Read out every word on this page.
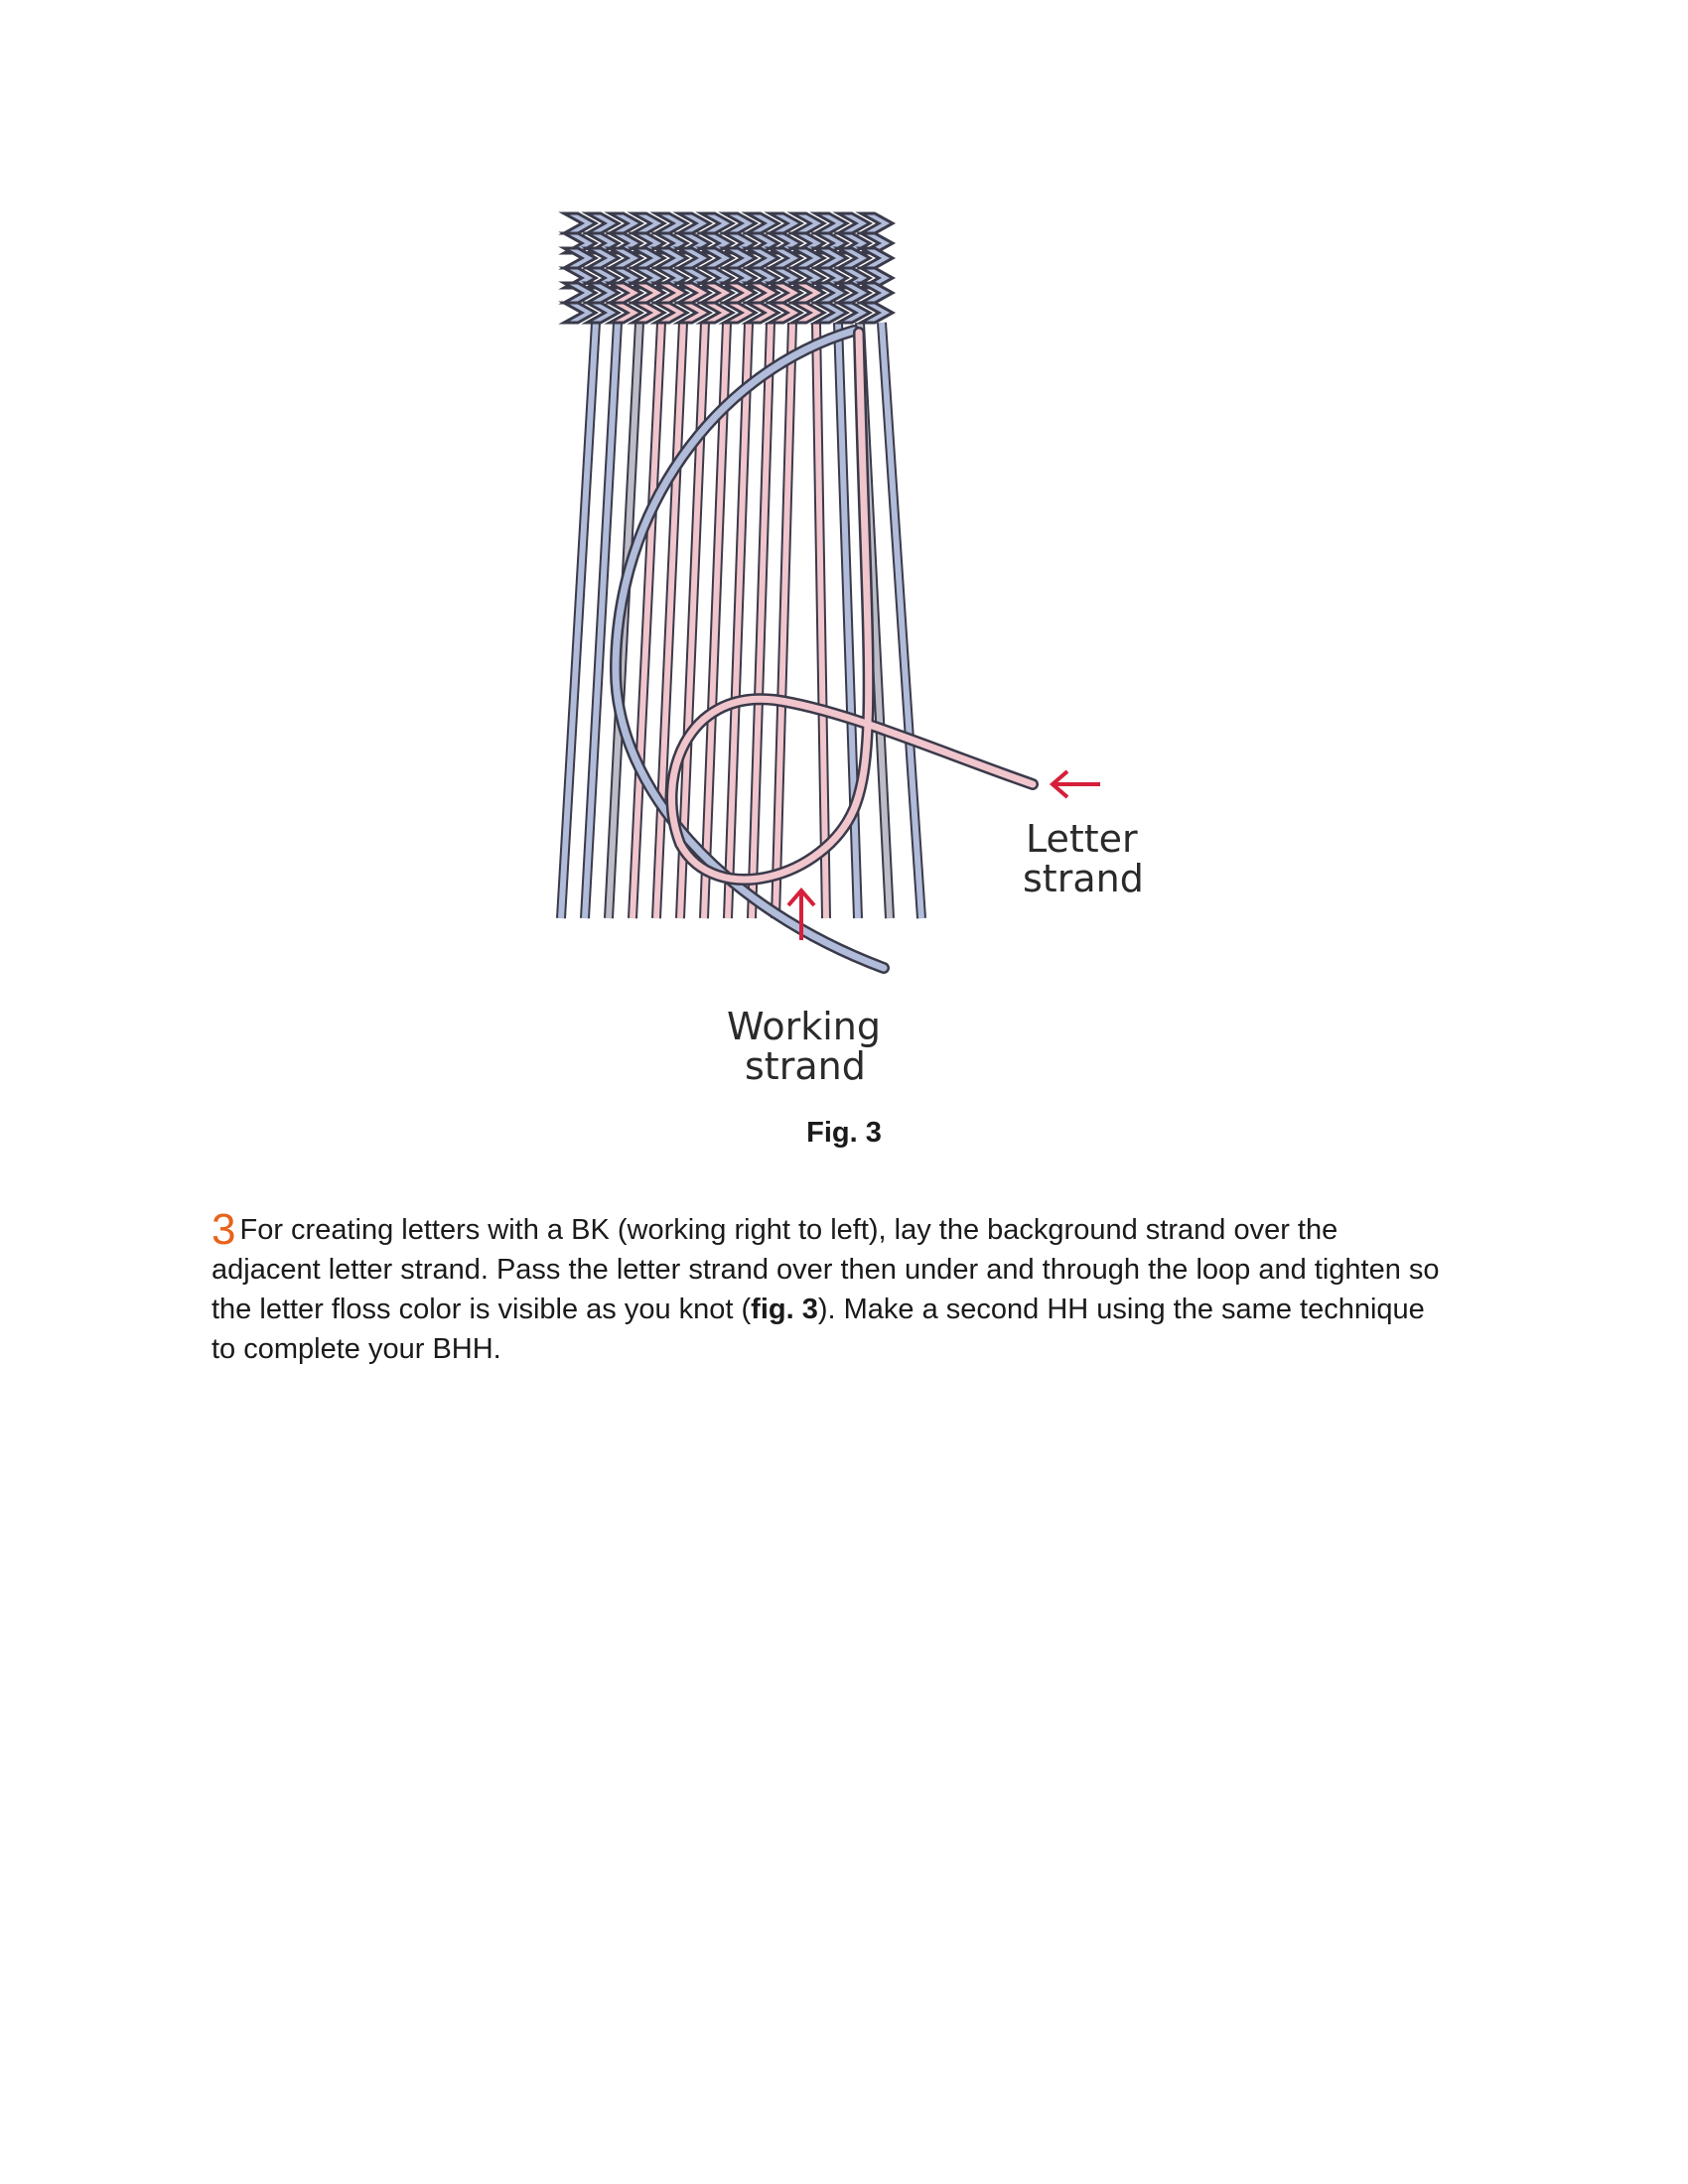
Letter
strand
Working
strand
Fig. 3

3 For creating letters with a BK (working right to left), lay the background strand over the adjacent letter strand. Pass the letter strand over then under and through the loop and tighten so the letter floss color is visible as you knot (fig. 3). Make a second HH using the same technique to complete your BHH.
